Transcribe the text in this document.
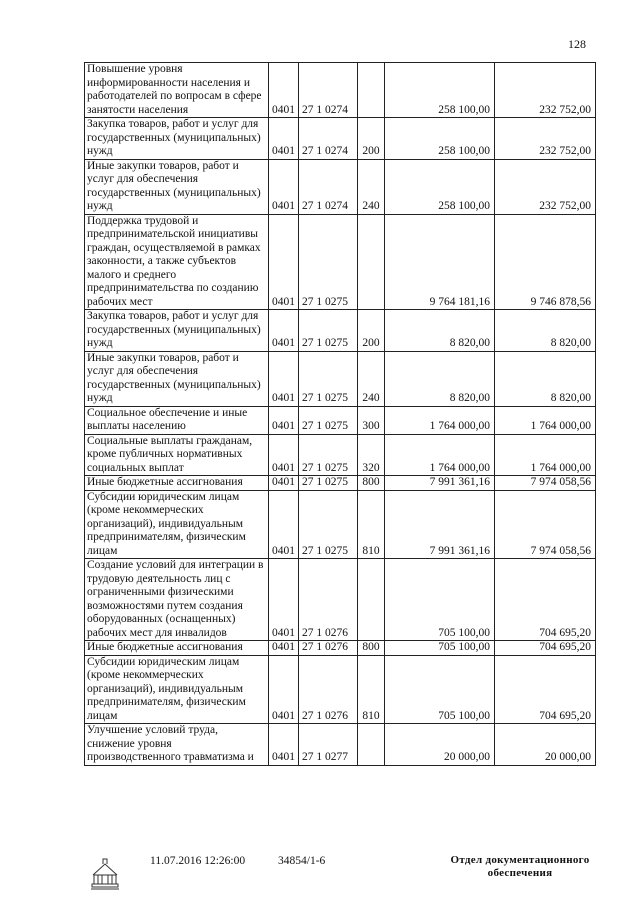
128
Повышение уровня информированности населения и работодателей по вопросам в сфере занятости населения	0401	27 1 0274		258 100,00	232 752,00
Закупка товаров, работ и услуг для государственных (муниципальных) нужд	0401	27 1 0274	200	258 100,00	232 752,00
Иные закупки товаров, работ и услуг для обеспечения государственных (муниципальных) нужд	0401	27 1 0274	240	258 100,00	232 752,00
Поддержка трудовой и предпринимательской инициативы граждан, осуществляемой в рамках законности, а также субъектов малого и среднего предпринимательства по созданию рабочих мест	0401	27 1 0275		9 764 181,16	9 746 878,56
Закупка товаров, работ и услуг для государственных (муниципальных) нужд	0401	27 1 0275	200	8 820,00	8 820,00
Иные закупки товаров, работ и услуг для обеспечения государственных (муниципальных) нужд	0401	27 1 0275	240	8 820,00	8 820,00
Социальное обеспечение и иные выплаты населению	0401	27 1 0275	300	1 764 000,00	1 764 000,00
Социальные выплаты гражданам, кроме публичных нормативных социальных выплат	0401	27 1 0275	320	1 764 000,00	1 764 000,00
Иные бюджетные ассигнования	0401	27 1 0275	800	7 991 361,16	7 974 058,56
Субсидии юридическим лицам (кроме некоммерческих организаций), индивидуальным предпринимателям, физическим лицам	0401	27 1 0275	810	7 991 361,16	7 974 058,56
Создание условий для интеграции в трудовую деятельность лиц с ограниченными физическими возможностями путем создания оборудованных (оснащенных) рабочих мест для инвалидов	0401	27 1 0276		705 100,00	704 695,20
Иные бюджетные ассигнования	0401	27 1 0276	800	705 100,00	704 695,20
Субсидии юридическим лицам (кроме некоммерческих организаций), индивидуальным предпринимателям, физическим лицам	0401	27 1 0276	810	705 100,00	704 695,20
Улучшение условий труда, снижение уровня производственного травматизма и	0401	27 1 0277		20 000,00	20 000,00
11.07.2016 12:26:00	34854/1-6	Отдел документационного
обеспечения
